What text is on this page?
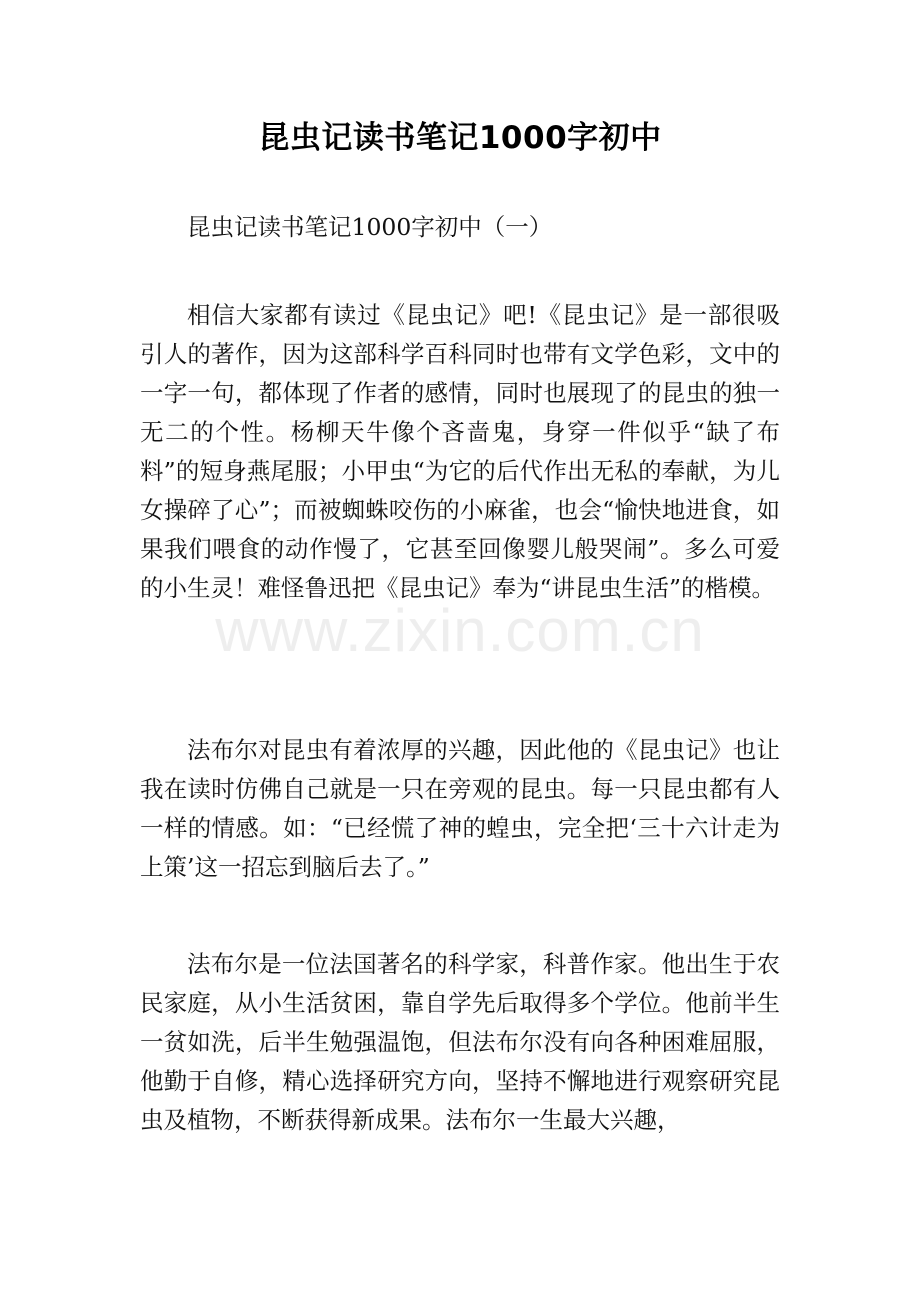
昆虫记读书笔记1000字初中
昆虫记读书笔记1000字初中（一）

相信大家都有读过《昆虫记》吧!《昆虫记》是一部很吸引人的著作，因为这部科学百科同时也带有文学色彩，文中的一字一句，都体现了作者的感情，同时也展现了的昆虫的独一无二的个性。杨柳天牛像个吝啬鬼，身穿一件似乎“缺了布料”的短身燕尾服；小甲虫“为它的后代作出无私的奉献，为儿女操碎了心”；而被蜘蛛咬伤的小麻雀，也会“愉快地进食，如果我们喂食的动作慢了，它甚至回像婴儿般哭闹”。多么可爱的小生灵！难怪鲁迅把《昆虫记》奉为“讲昆虫生活”的楷模。

法布尔对昆虫有着浓厚的兴趣，因此他的《昆虫记》也让我在读时仿佛自己就是一只在旁观的昆虫。每一只昆虫都有人一样的情感。如：“已经慌了神的蝗虫，完全把‘三十六计走为上策’这一招忘到脑后去了。”

法布尔是一位法国著名的科学家，科普作家。他出生于农民家庭，从小生活贫困，靠自学先后取得多个学位。他前半生一贫如洗，后半生勉强温饱，但法布尔没有向各种困难屈服，他勤于自修，精心选择研究方向，坚持不懈地进行观察研究昆虫及植物，不断获得新成果。法布尔一生最大兴趣，

www.zixin.com.cn
